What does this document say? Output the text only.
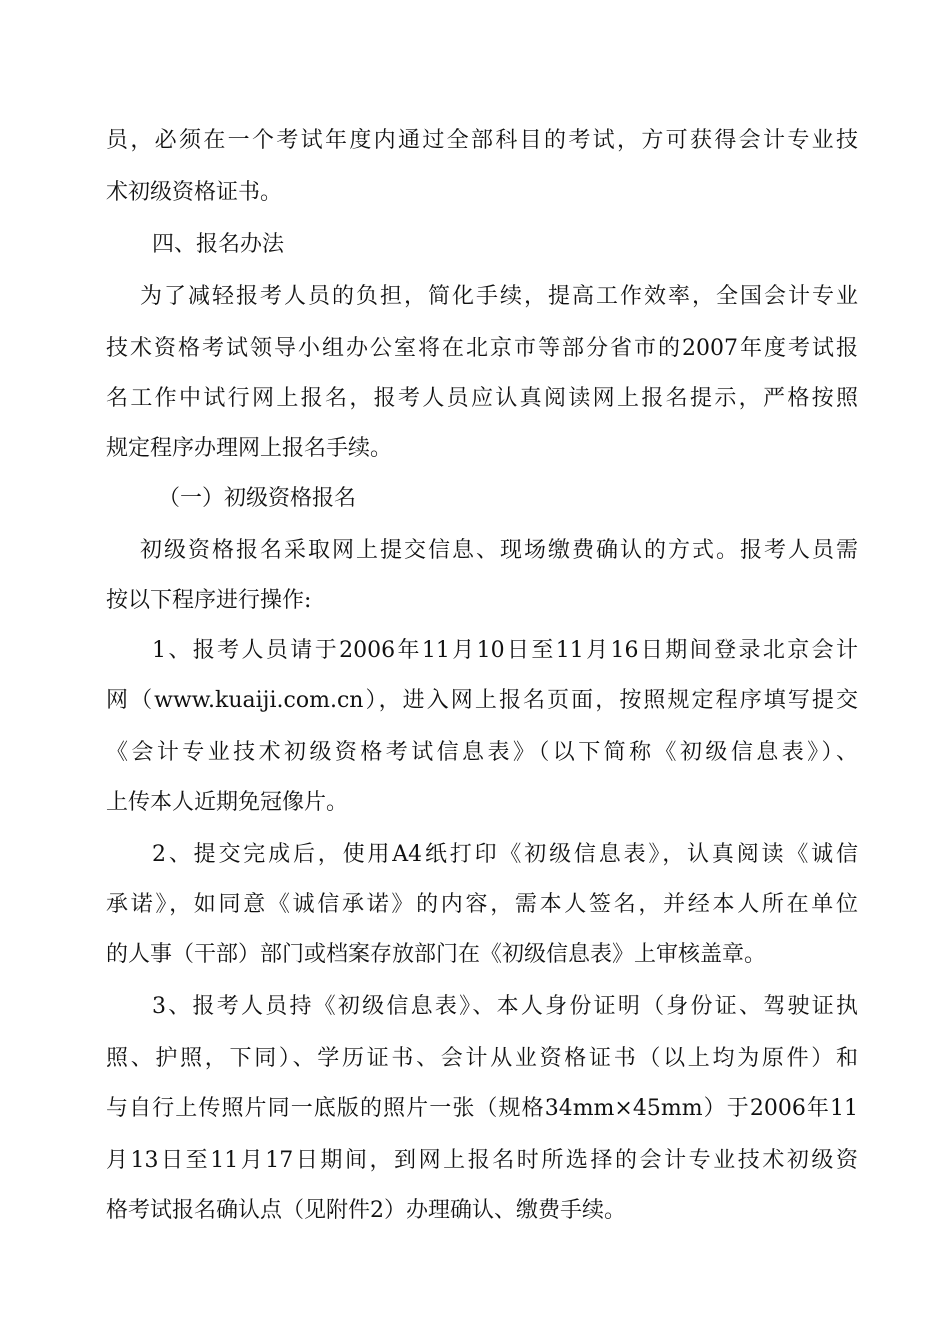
员，必须在一个考试年度内通过全部科目的考试，方可获得会计专业技
术初级资格证书。
四、报名办法
为了减轻报考人员的负担，简化手续，提高工作效率，全国会计专业
技术资格考试领导小组办公室将在北京市等部分省市的2007年度考试报
名工作中试行网上报名，报考人员应认真阅读网上报名提示，严格按照
规定程序办理网上报名手续。
（一）初级资格报名
初级资格报名采取网上提交信息、现场缴费确认的方式。报考人员需
按以下程序进行操作:
1、报考人员请于2006年11月10日至11月16日期间登录北京会计
网（www.kuaiji.com.cn），进入网上报名页面，按照规定程序填写提交
《会计专业技术初级资格考试信息表》（以下简称《初级信息表》）、
上传本人近期免冠像片。
2、提交完成后，使用A4纸打印《初级信息表》，认真阅读《诚信
承诺》，如同意《诚信承诺》的内容，需本人签名，并经本人所在单位
的人事（干部）部门或档案存放部门在《初级信息表》上审核盖章。
3、报考人员持《初级信息表》、本人身份证明（身份证、驾驶证执
照、护照，下同）、学历证书、会计从业资格证书（以上均为原件）和
与自行上传照片同一底版的照片一张（规格34mm×45mm）于2006年11
月13日至11月17日期间，到网上报名时所选择的会计专业技术初级资
格考试报名确认点（见附件2）办理确认、缴费手续。
